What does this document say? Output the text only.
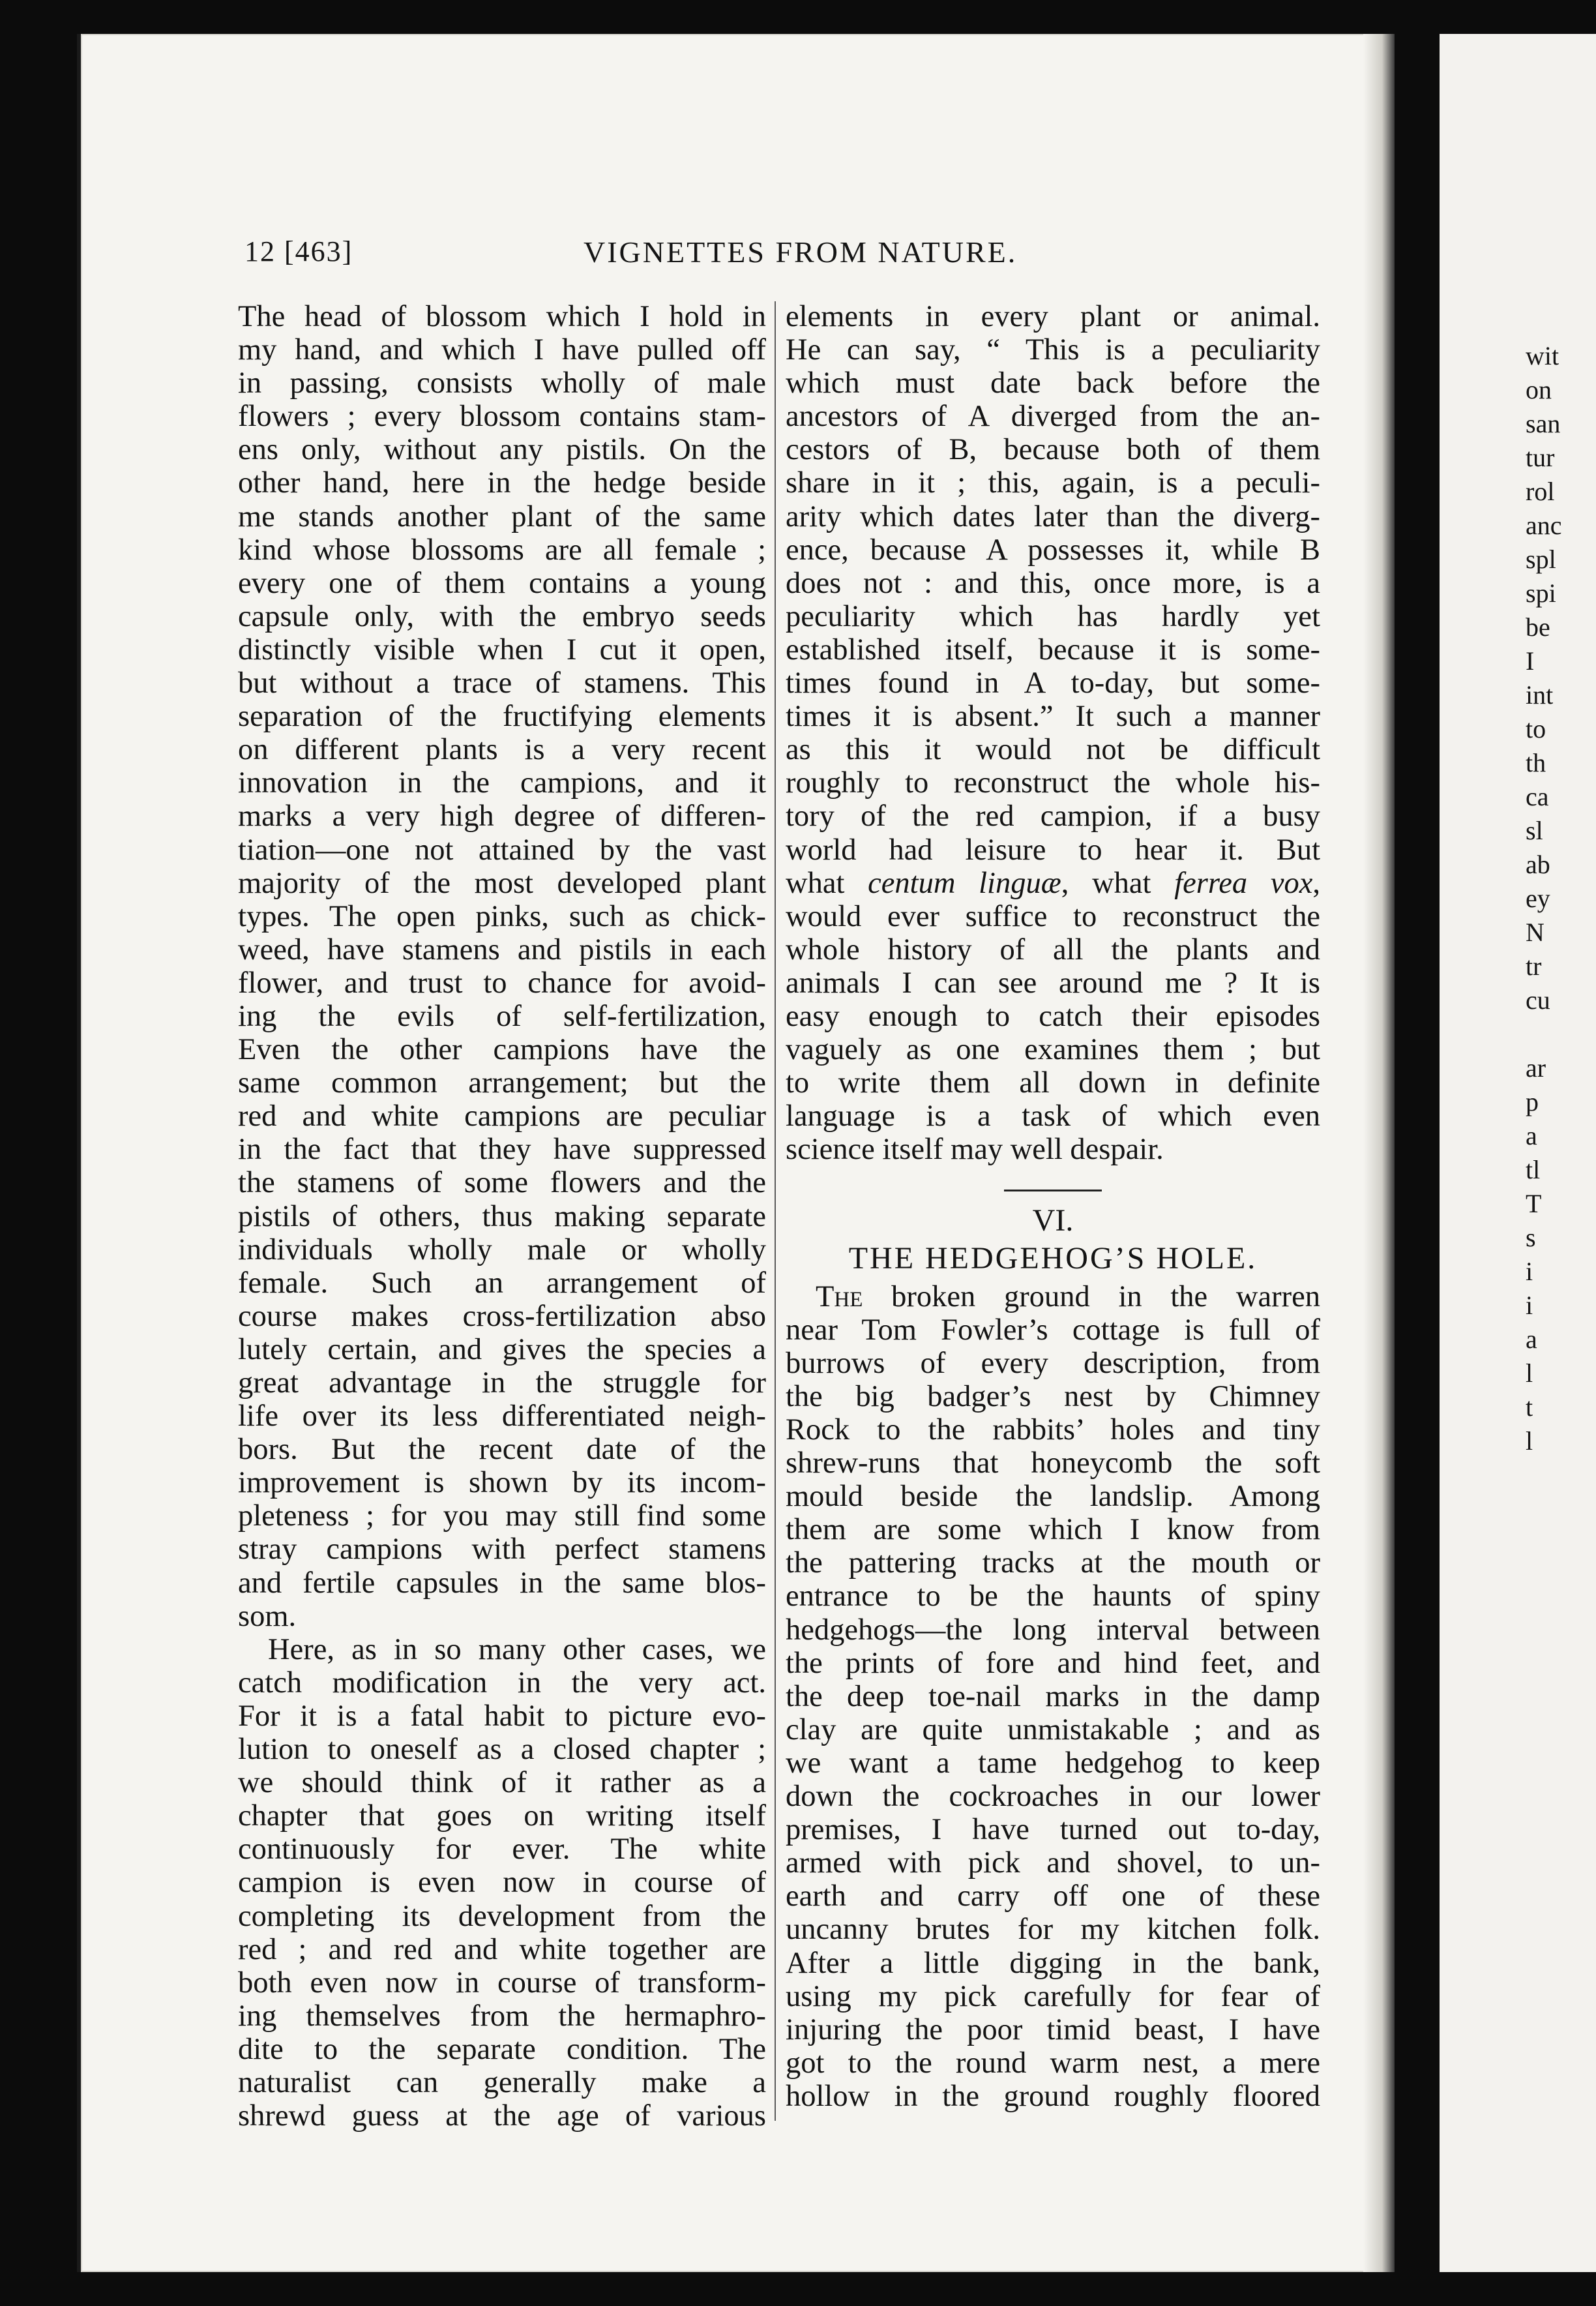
12 [463]	VIGNETTES FROM NATURE.
The head of blossom which I hold in
my hand, and which I have pulled off
in passing, consists wholly of male
flowers ; every blossom contains stam-
ens only, without any pistils. On the
other hand, here in the hedge beside
me stands another plant of the same
kind whose blossoms are all female ;
every one of them contains a young
capsule only, with the embryo seeds
distinctly visible when I cut it open,
but without a trace of stamens. This
separation of the fructifying elements
on different plants is a very recent
innovation in the campions, and it
marks a very high degree of differen-
tiation—one not attained by the vast
majority of the most developed plant
types. The open pinks, such as chick-
weed, have stamens and pistils in each
flower, and trust to chance for avoid-
ing the evils of self-fertilization,
Even the other campions have the
same common arrangement; but the
red and white campions are peculiar
in the fact that they have suppressed
the stamens of some flowers and the
pistils of others, thus making separate
individuals wholly male or wholly
female. Such an arrangement of
course makes cross-fertilization abso
lutely certain, and gives the species a
great advantage in the struggle for
life over its less differentiated neigh-
bors. But the recent date of the
improvement is shown by its incom-
pleteness ; for you may still find some
stray campions with perfect stamens
and fertile capsules in the same blos-
som.
Here, as in so many other cases, we
catch modification in the very act.
For it is a fatal habit to picture evo-
lution to oneself as a closed chapter ;
we should think of it rather as a
chapter that goes on writing itself
continuously for ever. The white
campion is even now in course of
completing its development from the
red ; and red and white together are
both even now in course of transform-
ing themselves from the hermaphro-
dite to the separate condition. The
naturalist can generally make a
shrewd guess at the age of various
elements in every plant or animal.
He can say, “ This is a peculiarity
which must date back before the
ancestors of A diverged from the an-
cestors of B, because both of them
share in it ; this, again, is a peculi-
arity which dates later than the diverg-
ence, because A possesses it, while B
does not : and this, once more, is a
peculiarity which has hardly yet
established itself, because it is some-
times found in A to-day, but some-
times it is absent.” It such a manner
as this it would not be difficult
roughly to reconstruct the whole his-
tory of the red campion, if a busy
world had leisure to hear it. But
what centum linguæ, what ferrea vox,
would ever suffice to reconstruct the
whole history of all the plants and
animals I can see around me ? It is
easy enough to catch their episodes
vaguely as one examines them ; but
to write them all down in definite
language is a task of which even
science itself may well despair.
VI.
THE HEDGEHOG’S HOLE.
The broken ground in the warren
near Tom Fowler’s cottage is full of
burrows of every description, from
the big badger’s nest by Chimney
Rock to the rabbits’ holes and tiny
shrew-runs that honeycomb the soft
mould beside the landslip. Among
them are some which I know from
the pattering tracks at the mouth or
entrance to be the haunts of spiny
hedgehogs—the long interval between
the prints of fore and hind feet, and
the deep toe-nail marks in the damp
clay are quite unmistakable ; and as
we want a tame hedgehog to keep
down the cockroaches in our lower
premises, I have turned out to-day,
armed with pick and shovel, to un-
earth and carry off one of these
uncanny brutes for my kitchen folk.
After a little digging in the bank,
using my pick carefully for fear of
injuring the poor timid beast, I have
got to the round warm nest, a mere
hollow in the ground roughly floored
wit
on
san
tur
rol
anc
spl
spi
be
I
int
to
th
ca
sl
ab
ey
N
tr
cu

ar
p
a
tl
T
s
i
i
a
l
t
l
